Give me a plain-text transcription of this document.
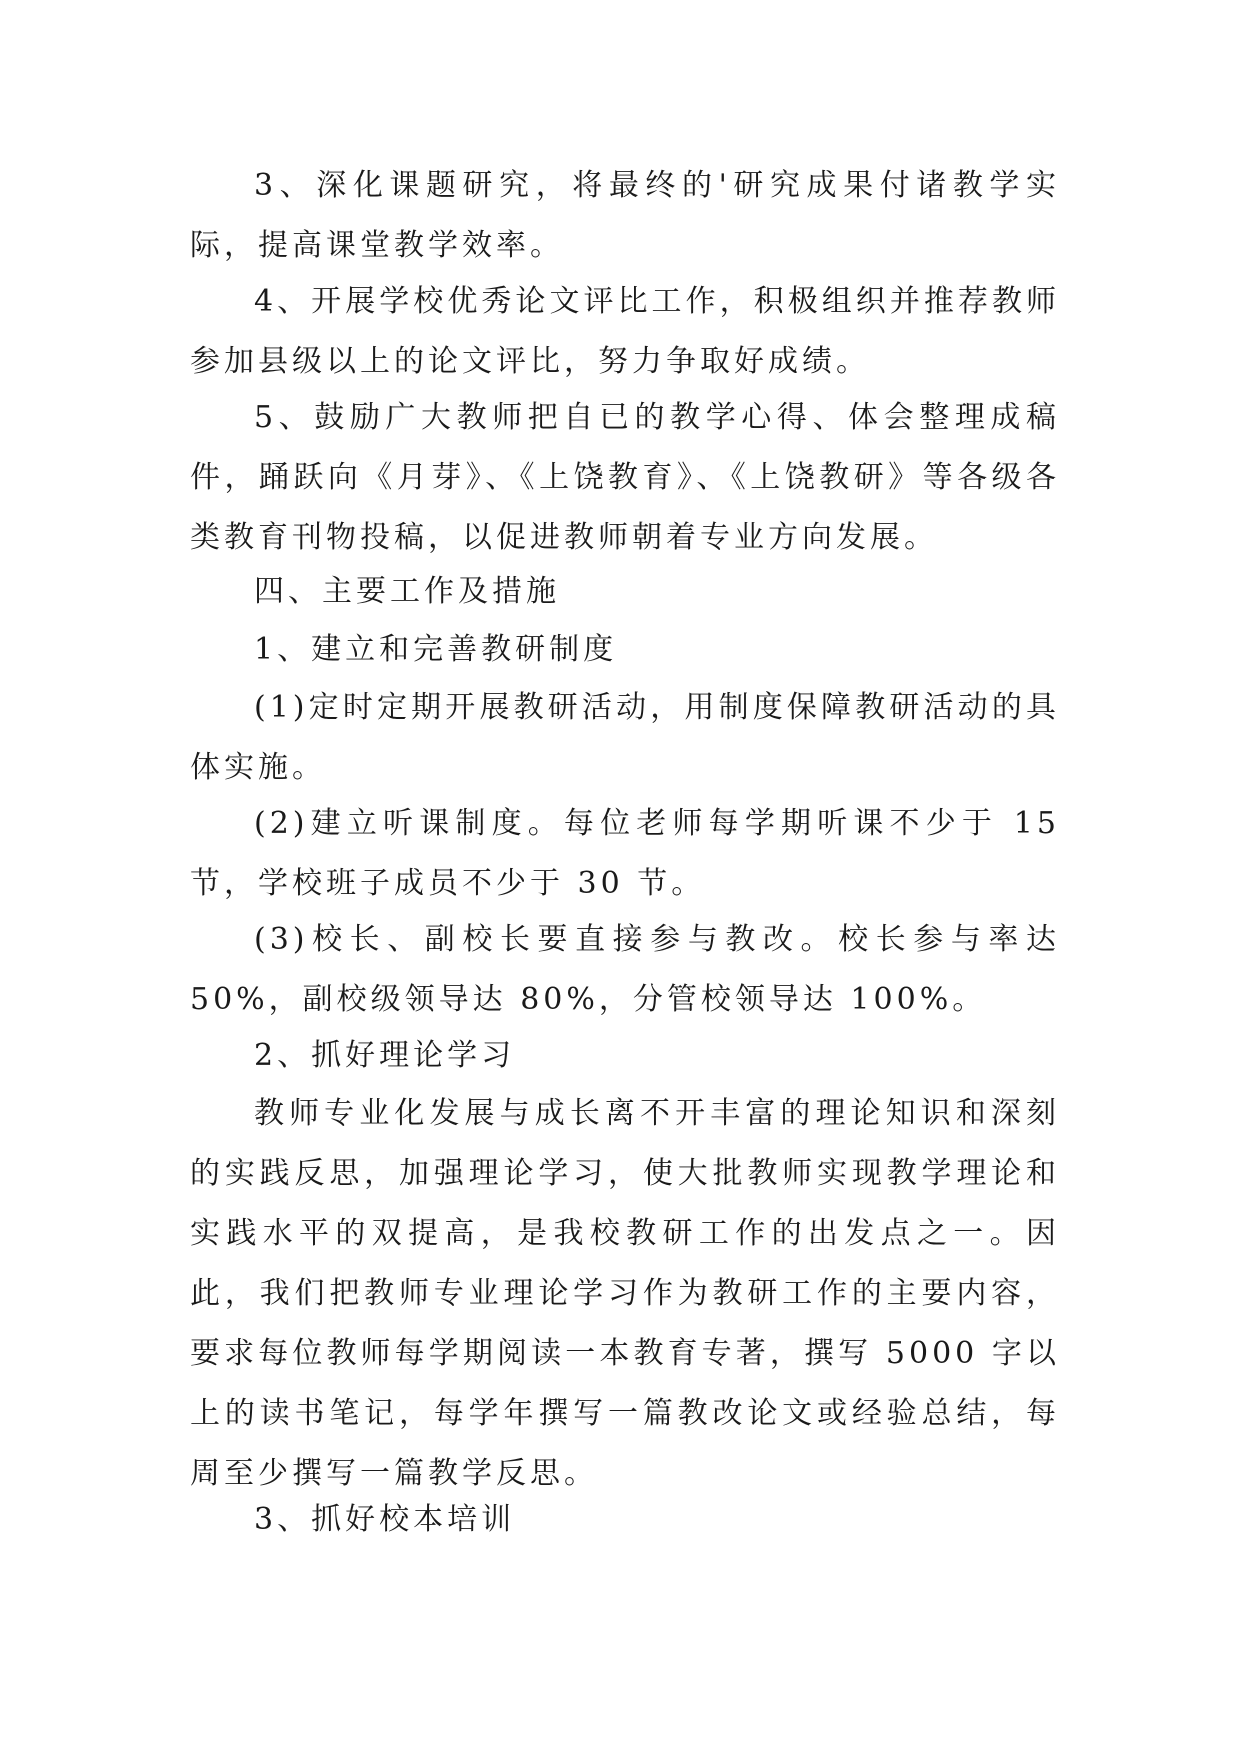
3、深化课题研究，将最终的'研究成果付诸教学实际，提高课堂教学效率。

4、开展学校优秀论文评比工作，积极组织并推荐教师参加县级以上的论文评比，努力争取好成绩。

5、鼓励广大教师把自已的教学心得、体会整理成稿件，踊跃向《月芽》、《上饶教育》、《上饶教研》等各级各类教育刊物投稿，以促进教师朝着专业方向发展。

四、主要工作及措施

1、建立和完善教研制度

(1)定时定期开展教研活动，用制度保障教研活动的具体实施。

(2)建立听课制度。每位老师每学期听课不少于 15 节，学校班子成员不少于 30 节。

(3)校长、副校长要直接参与教改。校长参与率达 50%，副校级领导达 80%，分管校领导达 100%。

2、抓好理论学习

教师专业化发展与成长离不开丰富的理论知识和深刻的实践反思，加强理论学习，使大批教师实现教学理论和实践水平的双提高，是我校教研工作的出发点之一。因此，我们把教师专业理论学习作为教研工作的主要内容，要求每位教师每学期阅读一本教育专著，撰写 5000 字以上的读书笔记，每学年撰写一篇教改论文或经验总结，每周至少撰写一篇教学反思。

3、抓好校本培训
